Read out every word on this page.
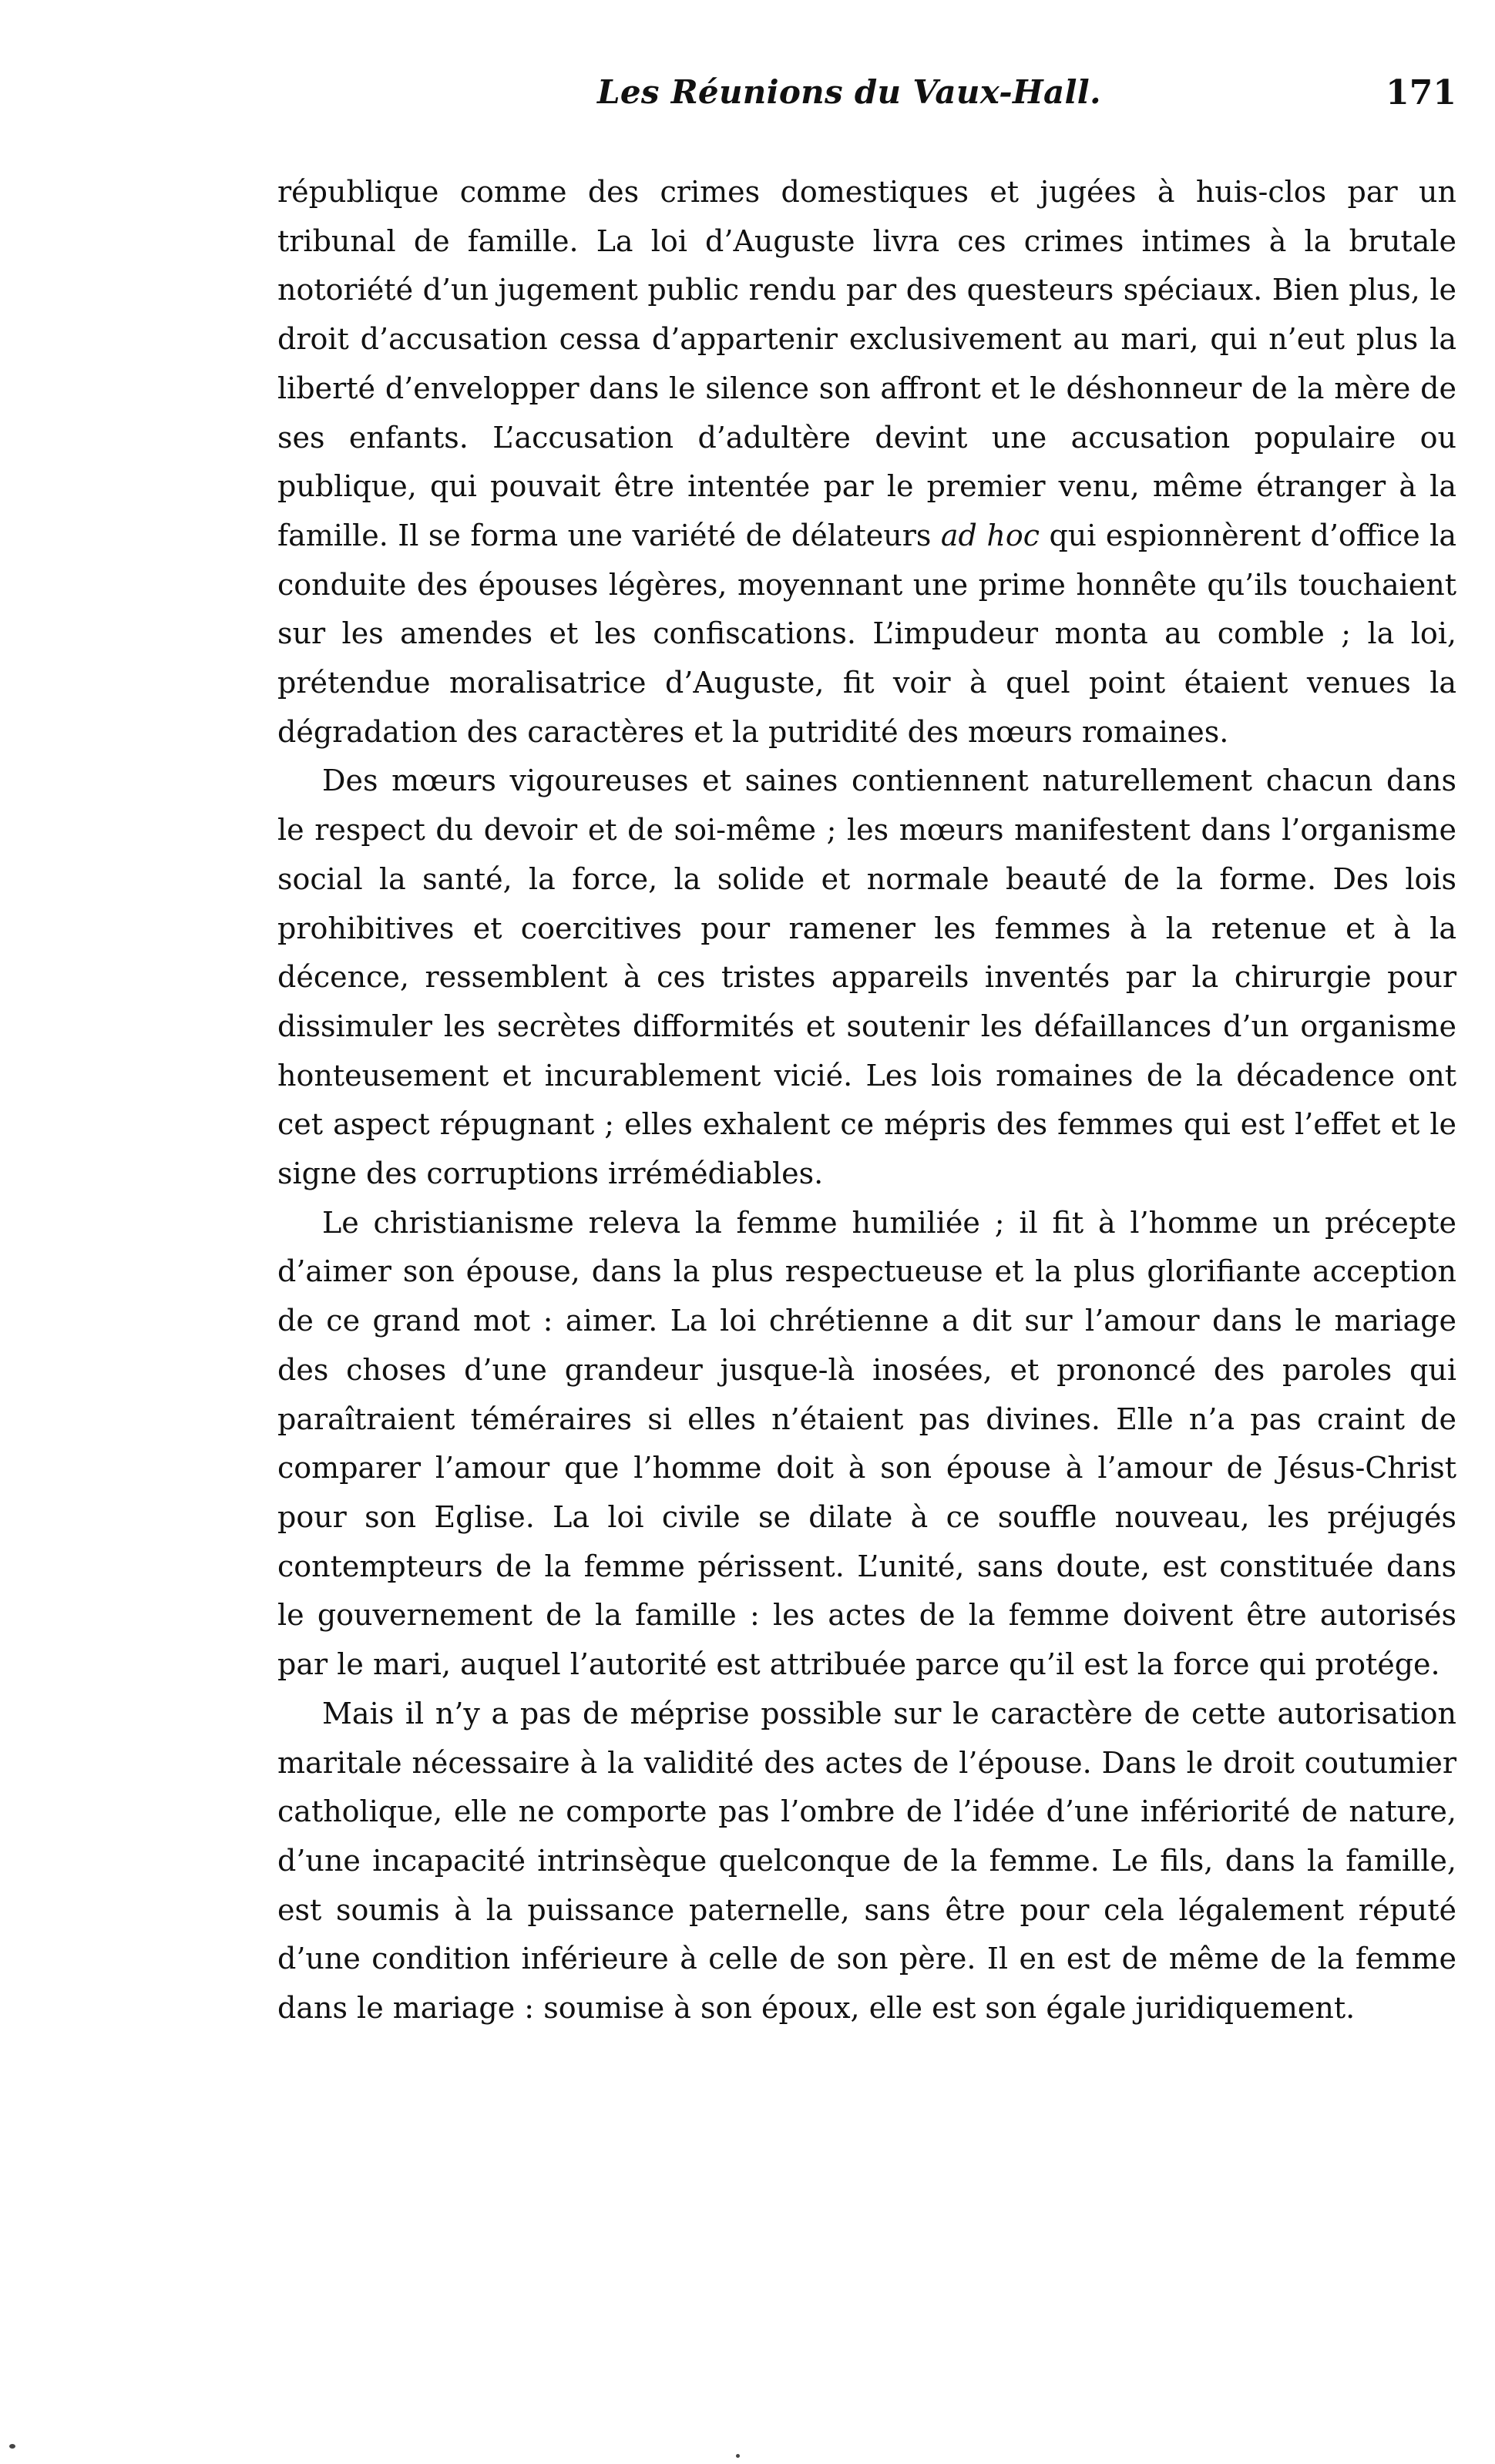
Les Réunions du Vaux-Hall.	171

république comme des crimes domestiques et jugées à huis-clos par un tribunal de famille. La loi d’Auguste livra ces crimes intimes à la brutale notoriété d’un jugement public rendu par des questeurs spéciaux. Bien plus, le droit d’accusation cessa d’appartenir exclusivement au mari, qui n’eut plus la liberté d’envelopper dans le silence son affront et le déshonneur de la mère de ses enfants. L’accusation d’adultère devint une accusation populaire ou publique, qui pouvait être intentée par le premier venu, même étranger à la famille. Il se forma une variété de délateurs ad hoc qui espionnèrent d’office la conduite des épouses légères, moyennant une prime honnête qu’ils touchaient sur les amendes et les confiscations. L’impudeur monta au comble ; la loi, prétendue moralisatrice d’Auguste, fit voir à quel point étaient venues la dégradation des caractères et la putridité des mœurs romaines.

Des mœurs vigoureuses et saines contiennent naturellement chacun dans le respect du devoir et de soi-même ; les mœurs manifestent dans l’organisme social la santé, la force, la solide et normale beauté de la forme. Des lois prohibitives et coercitives pour ramener les femmes à la retenue et à la décence, ressemblent à ces tristes appareils inventés par la chirurgie pour dissimuler les secrètes difformités et soutenir les défaillances d’un organisme honteusement et incurablement vicié. Les lois romaines de la décadence ont cet aspect répugnant ; elles exhalent ce mépris des femmes qui est l’effet et le signe des corruptions irrémédiables.

Le christianisme releva la femme humiliée ; il fit à l’homme un précepte d’aimer son épouse, dans la plus respectueuse et la plus glorifiante acception de ce grand mot : aimer. La loi chrétienne a dit sur l’amour dans le mariage des choses d’une grandeur jusque-là inosées, et prononcé des paroles qui paraîtraient téméraires si elles n’étaient pas divines. Elle n’a pas craint de comparer l’amour que l’homme doit à son épouse à l’amour de Jésus-Christ pour son Eglise. La loi civile se dilate à ce souffle nouveau, les préjugés contempteurs de la femme périssent. L’unité, sans doute, est constituée dans le gouvernement de la famille : les actes de la femme doivent être autorisés par le mari, auquel l’autorité est attribuée parce qu’il est la force qui protége.

Mais il n’y a pas de méprise possible sur le caractère de cette autorisation maritale nécessaire à la validité des actes de l’épouse. Dans le droit coutumier catholique, elle ne comporte pas l’ombre de l’idée d’une infériorité de nature, d’une incapacité intrinsèque quelconque de la femme. Le fils, dans la famille, est soumis à la puissance paternelle, sans être pour cela légalement réputé d’une condition inférieure à celle de son père. Il en est de même de la femme dans le mariage : soumise à son époux, elle est son égale juridiquement.
